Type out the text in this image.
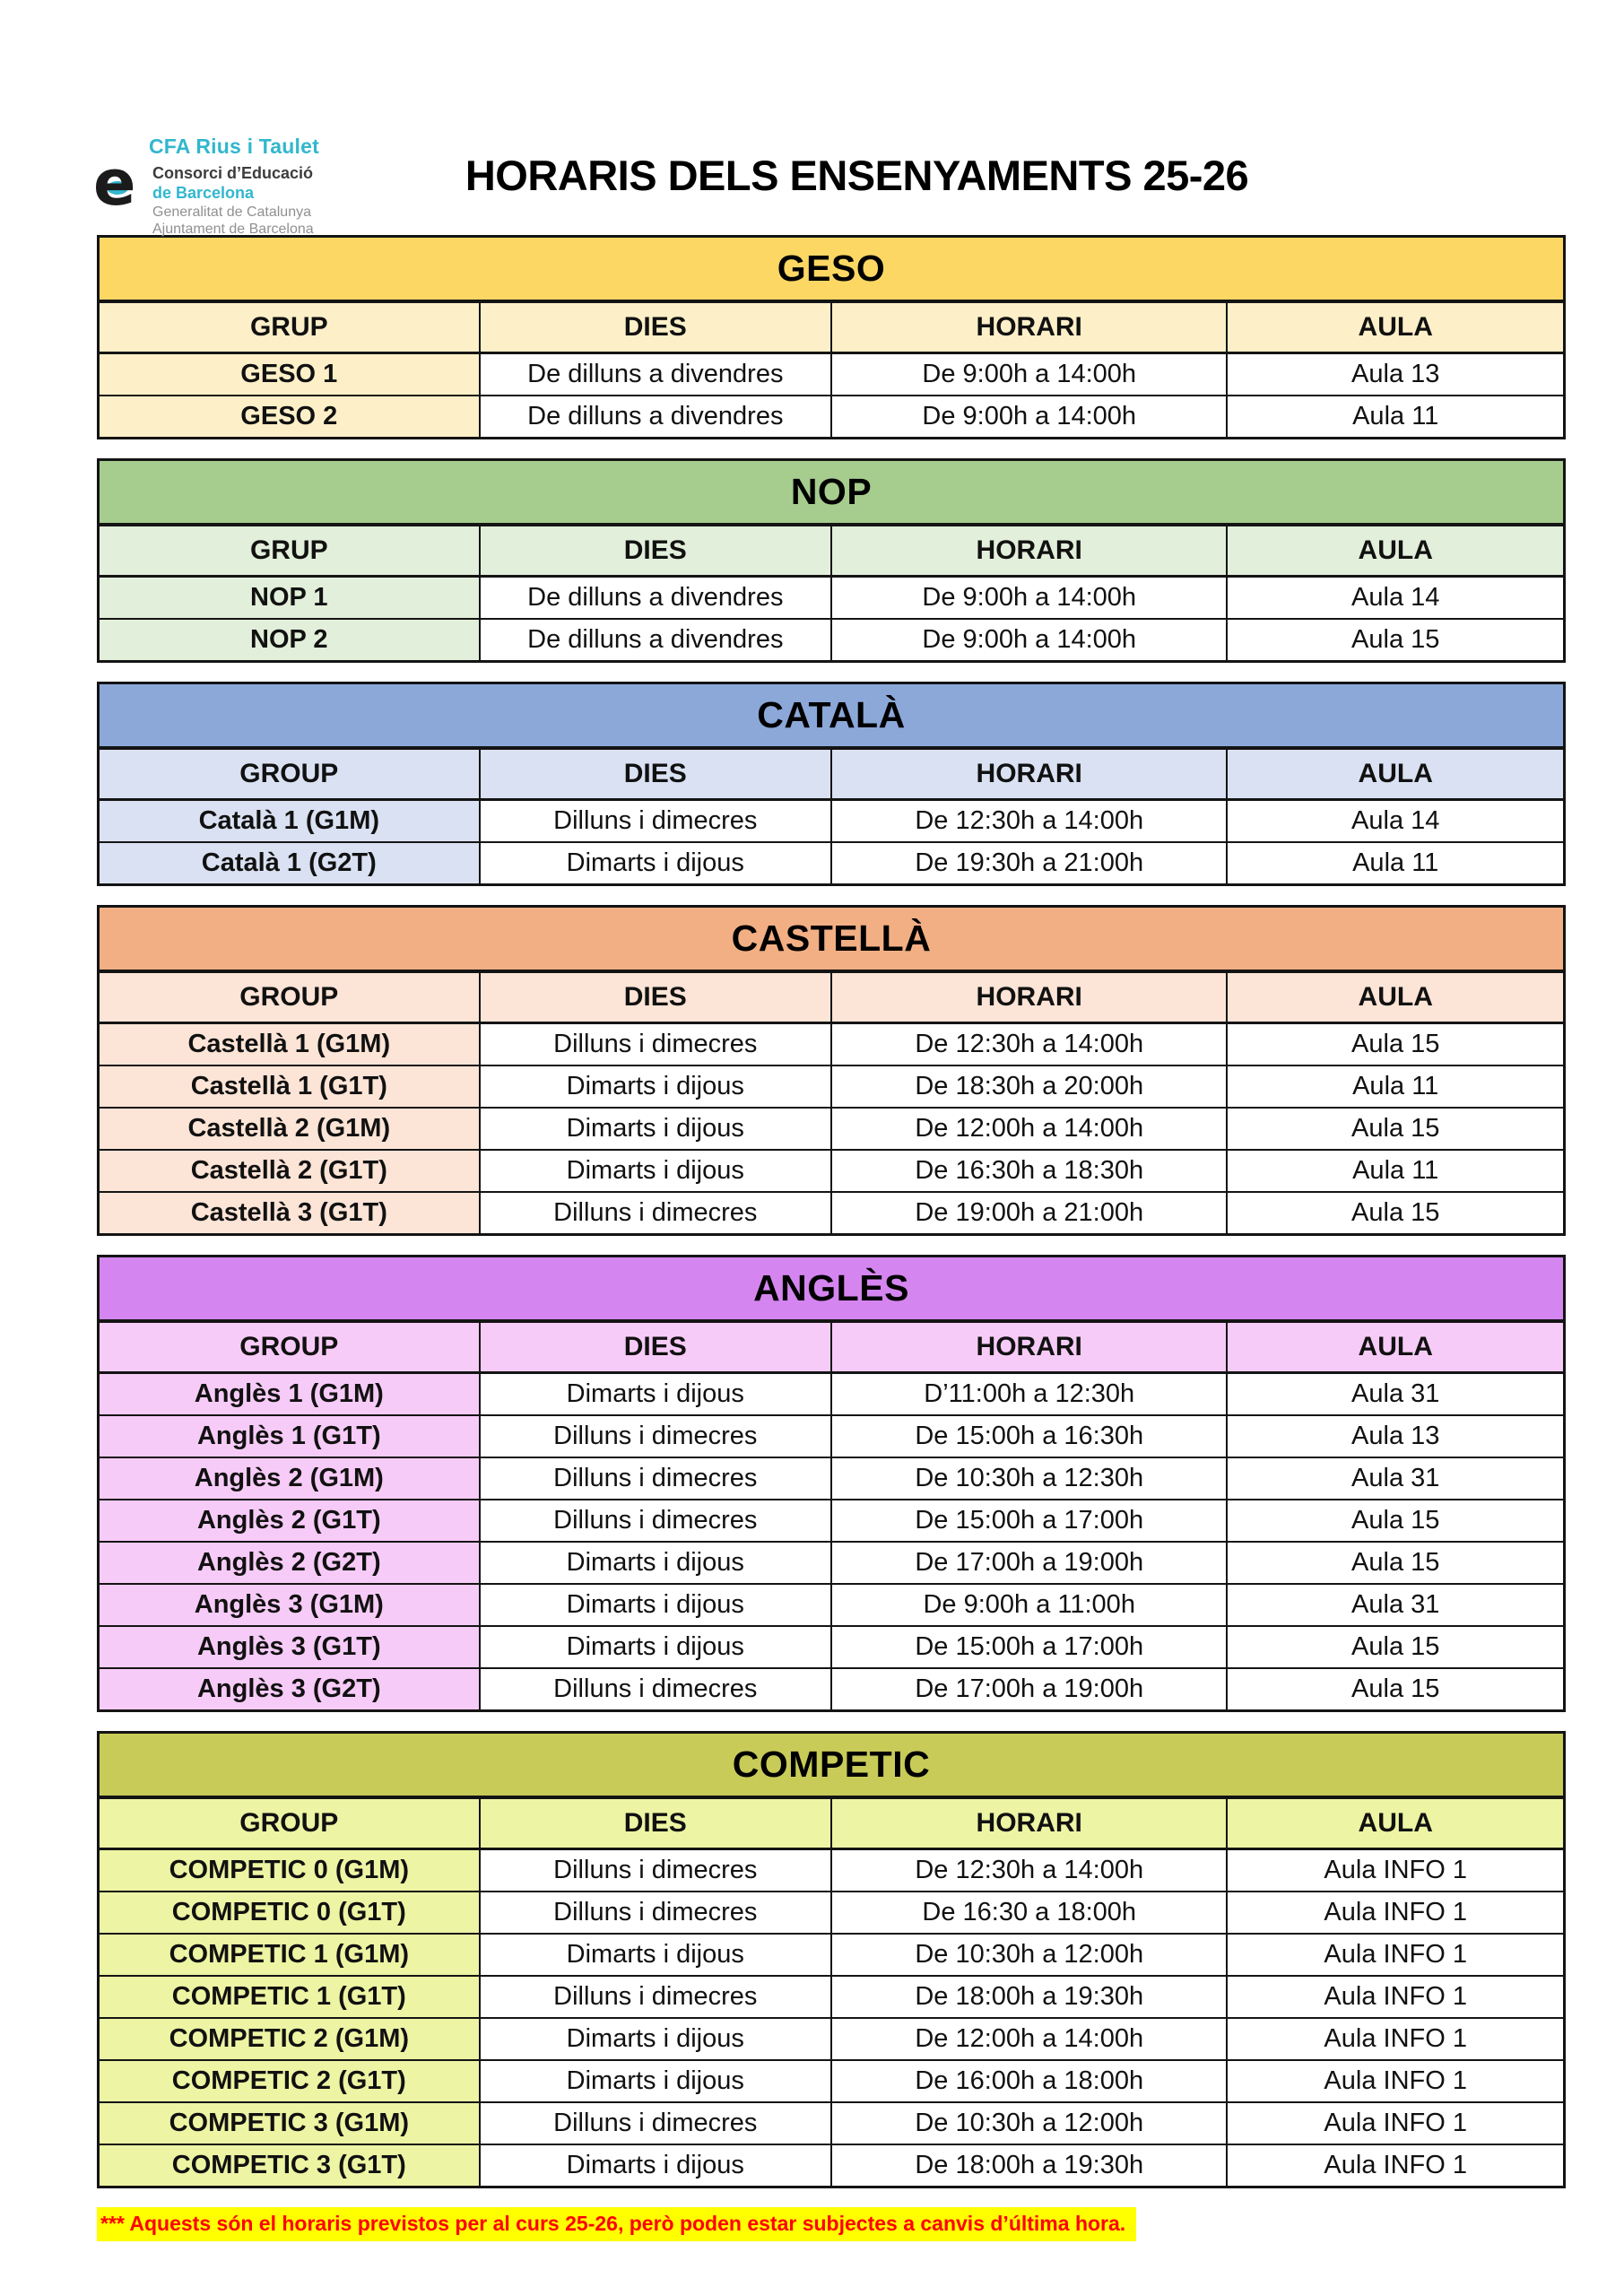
CFA Rius i Taulet
e Consorci d’Educació
de Barcelona
Generalitat de Catalunya
Ajuntament de Barcelona
HORARIS DELS ENSENYAMENTS 25-26
GESO			
GRUP	DIES	HORARI	AULA
GESO 1	De dilluns a divendres	De 9:00h a 14:00h	Aula 13
GESO 2	De dilluns a divendres	De 9:00h a 14:00h	Aula 11
NOP			
GRUP	DIES	HORARI	AULA
NOP 1	De dilluns a divendres	De 9:00h a 14:00h	Aula 14
NOP 2	De dilluns a divendres	De 9:00h a 14:00h	Aula 15
CATALÀ			
GROUP	DIES	HORARI	AULA
Català 1 (G1M)	Dilluns i dimecres	De 12:30h a 14:00h	Aula 14
Català 1 (G2T)	Dimarts i dijous	De 19:30h a 21:00h	Aula 11
CASTELLÀ			
GROUP	DIES	HORARI	AULA
Castellà 1 (G1M)	Dilluns i dimecres	De 12:30h a 14:00h	Aula 15
Castellà 1 (G1T)	Dimarts i dijous	De 18:30h a 20:00h	Aula 11
Castellà 2 (G1M)	Dimarts i dijous	De 12:00h a 14:00h	Aula 15
Castellà 2 (G1T)	Dimarts i dijous	De 16:30h a 18:30h	Aula 11
Castellà 3 (G1T)	Dilluns i dimecres	De 19:00h a 21:00h	Aula 15
ANGLÈS			
GROUP	DIES	HORARI	AULA
Anglès 1 (G1M)	Dimarts i dijous	D’11:00h a 12:30h	Aula 31
Anglès 1 (G1T)	Dilluns i dimecres	De 15:00h a 16:30h	Aula 13
Anglès 2 (G1M)	Dilluns i dimecres	De 10:30h a 12:30h	Aula 31
Anglès 2 (G1T)	Dilluns i dimecres	De 15:00h a 17:00h	Aula 15
Anglès 2 (G2T)	Dimarts i dijous	De 17:00h a 19:00h	Aula 15
Anglès 3 (G1M)	Dimarts i dijous	De 9:00h a 11:00h	Aula 31
Anglès 3 (G1T)	Dimarts i dijous	De 15:00h a 17:00h	Aula 15
Anglès 3 (G2T)	Dilluns i dimecres	De 17:00h a 19:00h	Aula 15
COMPETIC			
GROUP	DIES	HORARI	AULA
COMPETIC 0 (G1M)	Dilluns i dimecres	De 12:30h a 14:00h	Aula INFO 1
COMPETIC 0 (G1T)	Dilluns i dimecres	De 16:30 a 18:00h	Aula INFO 1
COMPETIC 1 (G1M)	Dimarts i dijous	De 10:30h a 12:00h	Aula INFO 1
COMPETIC 1 (G1T)	Dilluns i dimecres	De 18:00h a 19:30h	Aula INFO 1
COMPETIC 2 (G1M)	Dimarts i dijous	De 12:00h a 14:00h	Aula INFO 1
COMPETIC 2 (G1T)	Dimarts i dijous	De 16:00h a 18:00h	Aula INFO 1
COMPETIC 3 (G1M)	Dilluns i dimecres	De 10:30h a 12:00h	Aula INFO 1
COMPETIC 3 (G1T)	Dimarts i dijous	De 18:00h a 19:30h	Aula INFO 1
*** Aquests són el horaris previstos per al curs 25-26, però poden estar subjectes a canvis d’última hora.
